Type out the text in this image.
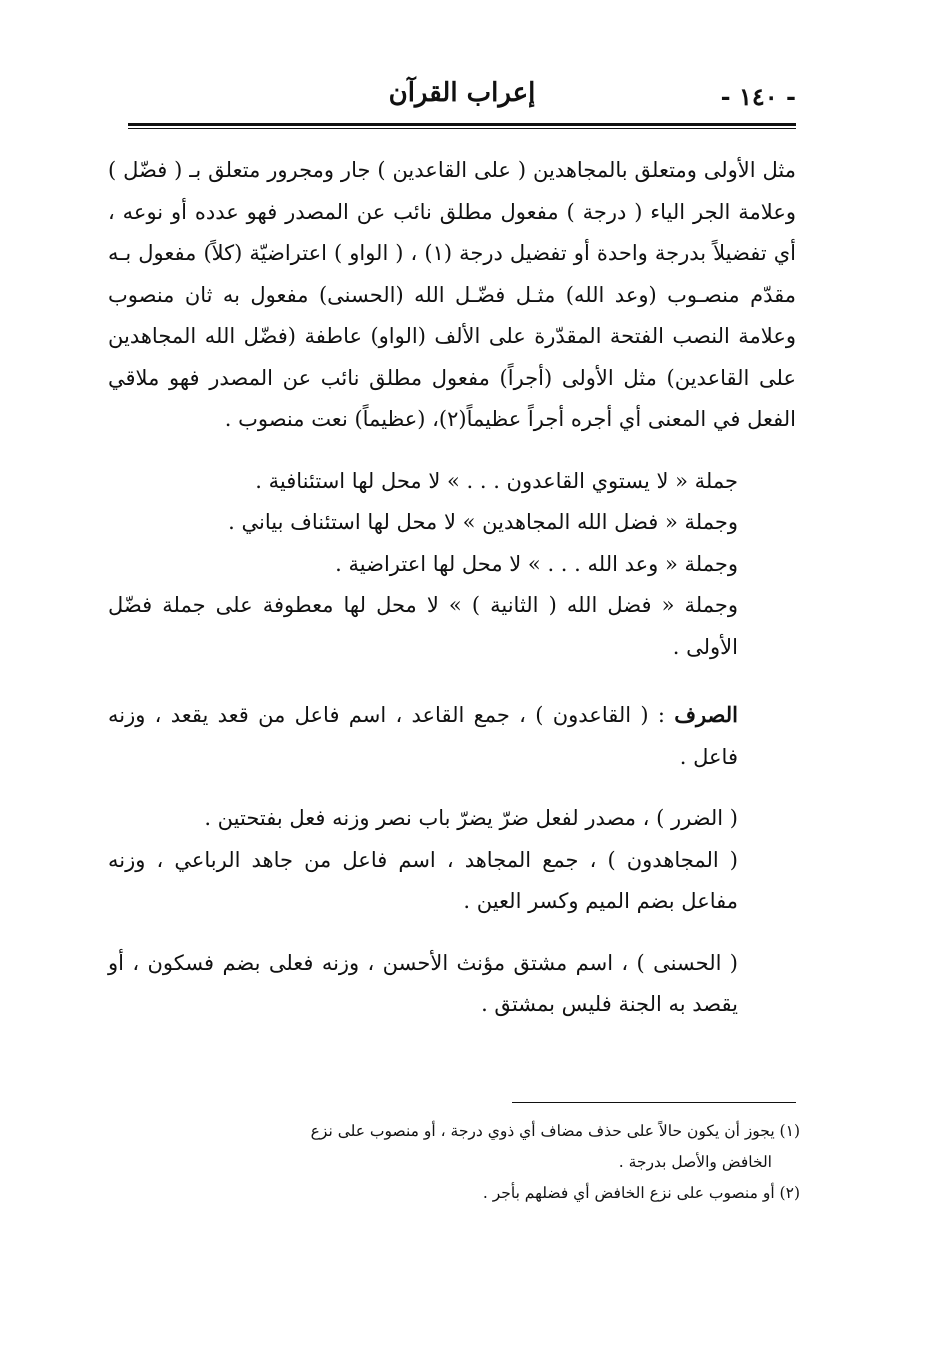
- ١٤٠ -
إعراب القرآن

مثل الأولى ومتعلق بالمجاهدين ( على القاعدين ) جار ومجرور متعلق بـ ( فضّل ) وعلامة الجر الياء ( درجة ) مفعول مطلق نائب عن المصدر فهو عدده أو نوعه ، أي تفضيلاً بدرجة واحدة أو تفضيل درجة (١) ، ( الواو ) اعتراضيّة (كلاً) مفعول بـه مقدّم منصـوب (وعد الله) مثـل فضّـل الله (الحسنى) مفعول به ثان منصوب وعلامة النصب الفتحة المقدّرة على الألف (الواو) عاطفة (فضّل الله المجاهدين على القاعدين) مثل الأولى (أجراً) مفعول مطلق نائب عن المصدر فهو ملاقي الفعل في المعنى أي أجره أجراً عظيماً(٢)، (عظيماً) نعت منصوب .

جملة « لا يستوي القاعدون . . . » لا محل لها استئنافية .

وجملة « فضل الله المجاهدين » لا محل لها استئناف بياني .

وجملة « وعد الله . . . » لا محل لها اعتراضية .

وجملة « فضل الله ( الثانية ) » لا محل لها معطوفة على جملة فضّل الأولى .

الصرف : ( القاعدون ) ، جمع القاعد ، اسم فاعل من قعد يقعد ، وزنه فاعل .

( الضرر ) ، مصدر لفعل ضرّ يضرّ باب نصر وزنه فعل بفتحتين .

( المجاهدون ) ، جمع المجاهد ، اسم فاعل من جاهد الرباعي ، وزنه مفاعل بضم الميم وكسر العين .

( الحسنى ) ، اسم مشتق مؤنث الأحسن ، وزنه فعلى بضم فسكون ، أو يقصد به الجنة فليس بمشتق .

(١) يجوز أن يكون حالاً على حذف مضاف أي ذوي درجة ، أو منصوب على نزع

الخافض والأصل بدرجة .

(٢) أو منصوب على نزع الخافض أي فضلهم بأجر .
